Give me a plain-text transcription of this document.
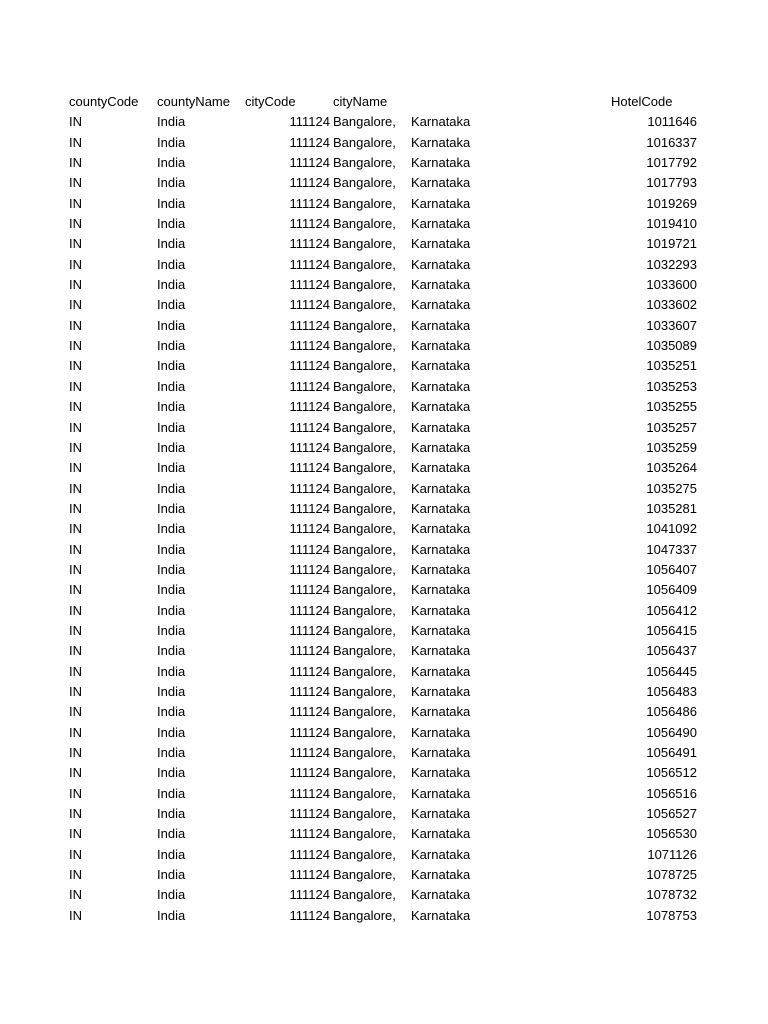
countyCode countyName cityCode	cityName	HotelCode
IN	India	111124 Bangalore, Karnataka	1011646
IN	India	111124 Bangalore, Karnataka	1016337
IN	India	111124 Bangalore, Karnataka	1017792
IN	India	111124 Bangalore, Karnataka	1017793
IN	India	111124 Bangalore, Karnataka	1019269
IN	India	111124 Bangalore, Karnataka	1019410
IN	India	111124 Bangalore, Karnataka	1019721
IN	India	111124 Bangalore, Karnataka	1032293
IN	India	111124 Bangalore, Karnataka	1033600
IN	India	111124 Bangalore, Karnataka	1033602
IN	India	111124 Bangalore, Karnataka	1033607
IN	India	111124 Bangalore, Karnataka	1035089
IN	India	111124 Bangalore, Karnataka	1035251
IN	India	111124 Bangalore, Karnataka	1035253
IN	India	111124 Bangalore, Karnataka	1035255
IN	India	111124 Bangalore, Karnataka	1035257
IN	India	111124 Bangalore, Karnataka	1035259
IN	India	111124 Bangalore, Karnataka	1035264
IN	India	111124 Bangalore, Karnataka	1035275
IN	India	111124 Bangalore, Karnataka	1035281
IN	India	111124 Bangalore, Karnataka	1041092
IN	India	111124 Bangalore, Karnataka	1047337
IN	India	111124 Bangalore, Karnataka	1056407
IN	India	111124 Bangalore, Karnataka	1056409
IN	India	111124 Bangalore, Karnataka	1056412
IN	India	111124 Bangalore, Karnataka	1056415
IN	India	111124 Bangalore, Karnataka	1056437
IN	India	111124 Bangalore, Karnataka	1056445
IN	India	111124 Bangalore, Karnataka	1056483
IN	India	111124 Bangalore, Karnataka	1056486
IN	India	111124 Bangalore, Karnataka	1056490
IN	India	111124 Bangalore, Karnataka	1056491
IN	India	111124 Bangalore, Karnataka	1056512
IN	India	111124 Bangalore, Karnataka	1056516
IN	India	111124 Bangalore, Karnataka	1056527
IN	India	111124 Bangalore, Karnataka	1056530
IN	India	111124 Bangalore, Karnataka	1071126
IN	India	111124 Bangalore, Karnataka	1078725
IN	India	111124 Bangalore, Karnataka	1078732
IN	India	111124 Bangalore, Karnataka	1078753
